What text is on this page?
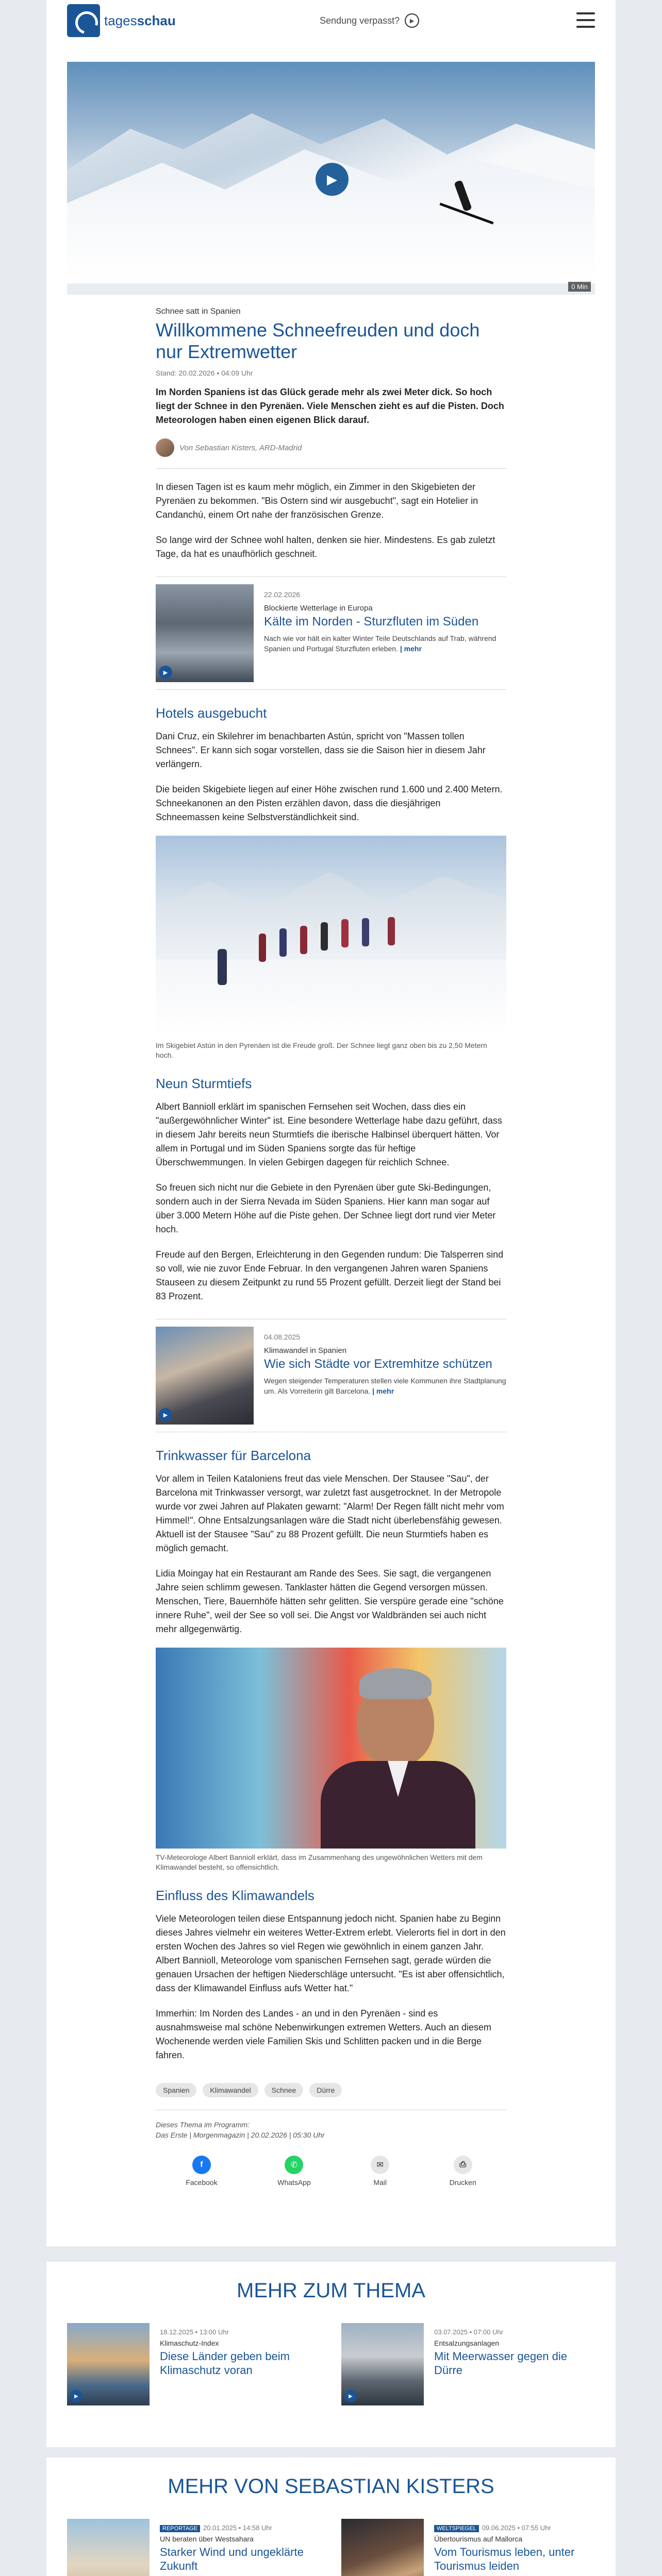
tagesschau	Sendung verpasst?	▶
▶
0 Min
Schnee satt in Spanien
Willkommene Schneefreuden und doch nur Extremwetter
Stand: 20.02.2026 • 04:09 Uhr
Im Norden Spaniens ist das Glück gerade mehr als zwei Meter dick. So hoch liegt der Schnee in den Pyrenäen. Viele Menschen zieht es auf die Pisten. Doch Meteorologen haben einen eigenen Blick darauf.
Von Sebastian Kisters, ARD-Madrid

In diesen Tagen ist es kaum mehr möglich, ein Zimmer in den Skigebieten der Pyrenäen zu bekommen. "Bis Ostern sind wir ausgebucht", sagt ein Hotelier in Candanchú, einem Ort nahe der französischen Grenze.

So lange wird der Schnee wohl halten, denken sie hier. Mindestens. Es gab zuletzt Tage, da hat es unaufhörlich geschneit.

▶
22.02.2026
Blockierte Wetterlage in Europa
Kälte im Norden - Sturzfluten im Süden
Nach wie vor hält ein kalter Winter Teile Deutschlands auf Trab, während Spanien und Portugal Sturzfluten erleben. | mehr
Hotels ausgebucht

Dani Cruz, ein Skilehrer im benachbarten Astún, spricht von "Massen tollen Schnees". Er kann sich sogar vorstellen, dass sie die Saison hier in diesem Jahr verlängern.

Die beiden Skigebiete liegen auf einer Höhe zwischen rund 1.600 und 2.400 Metern. Schneekanonen an den Pisten erzählen davon, dass die diesjährigen Schneemassen keine Selbstverständlichkeit sind.

Im Skigebiet Astún in den Pyrenäen ist die Freude groß. Der Schnee liegt ganz oben bis zu 2,50 Metern hoch.
Neun Sturmtiefs

Albert Bannioll erklärt im spanischen Fernsehen seit Wochen, dass dies ein "außergewöhnlicher Winter" ist. Eine besondere Wetterlage habe dazu geführt, dass in diesem Jahr bereits neun Sturmtiefs die iberische Halbinsel überquert hätten. Vor allem in Portugal und im Süden Spaniens sorgte das für heftige Überschwemmungen. In vielen Gebirgen dagegen für reichlich Schnee.

So freuen sich nicht nur die Gebiete in den Pyrenäen über gute Ski-Bedingungen, sondern auch in der Sierra Nevada im Süden Spaniens. Hier kann man sogar auf über 3.000 Metern Höhe auf die Piste gehen. Der Schnee liegt dort rund vier Meter hoch.

Freude auf den Bergen, Erleichterung in den Gegenden rundum: Die Talsperren sind so voll, wie nie zuvor Ende Februar. In den vergangenen Jahren waren Spaniens Stauseen zu diesem Zeitpunkt zu rund 55 Prozent gefüllt. Derzeit liegt der Stand bei 83 Prozent.

▶
04.08.2025
Klimawandel in Spanien
Wie sich Städte vor Extremhitze schützen
Wegen steigender Temperaturen stellen viele Kommunen ihre Stadtplanung um. Als Vorreiterin gilt Barcelona. | mehr
Trinkwasser für Barcelona

Vor allem in Teilen Kataloniens freut das viele Menschen. Der Stausee "Sau", der Barcelona mit Trinkwasser versorgt, war zuletzt fast ausgetrocknet. In der Metropole wurde vor zwei Jahren auf Plakaten gewarnt: "Alarm! Der Regen fällt nicht mehr vom Himmel!". Ohne Entsalzungsanlagen wäre die Stadt nicht überlebensfähig gewesen. Aktuell ist der Stausee "Sau" zu 88 Prozent gefüllt. Die neun Sturmtiefs haben es möglich gemacht.

Lidia Moingay hat ein Restaurant am Rande des Sees. Sie sagt, die vergangenen Jahre seien schlimm gewesen. Tanklaster hätten die Gegend versorgen müssen. Menschen, Tiere, Bauernhöfe hätten sehr gelitten. Sie verspüre gerade eine "schöne innere Ruhe", weil der See so voll sei. Die Angst vor Waldbränden sei auch nicht mehr allgegenwärtig.

TV-Meteorologe Albert Bannioll erklärt, dass im Zusammenhang des ungewöhnlichen Wetters mit dem Klimawandel besteht, so offensichtlich.
Einfluss des Klimawandels

Viele Meteorologen teilen diese Entspannung jedoch nicht. Spanien habe zu Beginn dieses Jahres vielmehr ein weiteres Wetter-Extrem erlebt. Vielerorts fiel in dort in den ersten Wochen des Jahres so viel Regen wie gewöhnlich in einem ganzen Jahr. Albert Bannioll, Meteorologe vom spanischen Fernsehen sagt, gerade würden die genauen Ursachen der heftigen Niederschläge untersucht. "Es ist aber offensichtlich, dass der Klimawandel Einfluss aufs Wetter hat."

Immerhin: Im Norden des Landes - an und in den Pyrenäen - sind es ausnahmsweise mal schöne Nebenwirkungen extremen Wetters. Auch an diesem Wochenende werden viele Familien Skis und Schlitten packen und in die Berge fahren.

Spanien	Klimawandel	Schnee	Dürre
Dieses Thema im Programm:
Das Erste | Morgenmagazin | 20.02.2026 | 05:30 Uhr
f
Facebook
✆
WhatsApp
✉
Mail
⎙
Drucken
MEHR ZUM THEMA
▶
18.12.2025 • 13:00 Uhr
Klimaschutz-Index
Diese Länder geben beim Klimaschutz voran
▶
03.07.2025 • 07:00 Uhr
Entsalzungsanlagen
Mit Meerwasser gegen die Dürre
MEHR VON SEBASTIAN KISTERS
REPORTAGE 20.01.2025 • 14:58 Uhr
UN beraten über Westsahara
Starker Wind und ungeklärte Zukunft
WELTSPIEGEL 09.06.2025 • 07:55 Uhr
Übertourismus auf Mallorca
Vom Tourismus leben, unter Tourismus leiden
